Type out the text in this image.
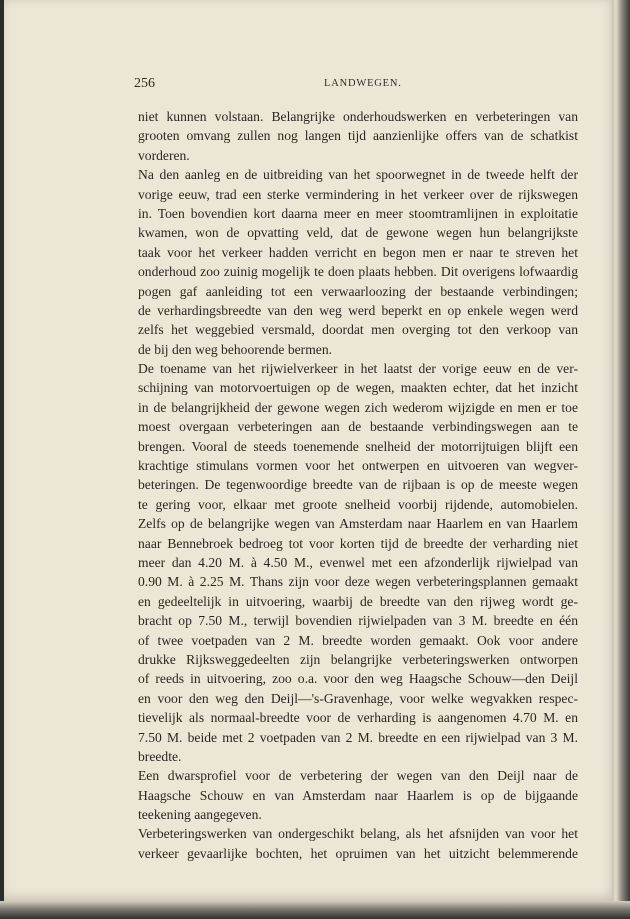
256	LANDWEGEN.
niet kunnen volstaan. Belangrijke onderhoudswerken en verbeteringen van
grooten omvang zullen nog langen tijd aanzienlijke offers van de schatkist
vorderen.
Na den aanleg en de uitbreiding van het spoorwegnet in de tweede helft der
vorige eeuw, trad een sterke vermindering in het verkeer over de rijkswegen
in. Toen bovendien kort daarna meer en meer stoomtramlijnen in exploitatie
kwamen, won de opvatting veld, dat de gewone wegen hun belangrijkste
taak voor het verkeer hadden verricht en begon men er naar te streven het
onderhoud zoo zuinig mogelijk te doen plaats hebben. Dit overigens lofwaardig
pogen gaf aanleiding tot een verwaarloozing der bestaande verbindingen;
de verhardingsbreedte van den weg werd beperkt en op enkele wegen werd
zelfs het weggebied versmald, doordat men overging tot den verkoop van
de bij den weg behoorende bermen.
De toename van het rijwielverkeer in het laatst der vorige eeuw en de ver-
schijning van motorvoertuigen op de wegen, maakten echter, dat het inzicht
in de belangrijkheid der gewone wegen zich wederom wijzigde en men er toe
moest overgaan verbeteringen aan de bestaande verbindingswegen aan te
brengen. Vooral de steeds toenemende snelheid der motorrijtuigen blijft een
krachtige stimulans vormen voor het ontwerpen en uitvoeren van wegver-
beteringen. De tegenwoordige breedte van de rijbaan is op de meeste wegen
te gering voor, elkaar met groote snelheid voorbij rijdende, automobielen.
Zelfs op de belangrijke wegen van Amsterdam naar Haarlem en van Haarlem
naar Bennebroek bedroeg tot voor korten tijd de breedte der verharding niet
meer dan 4.20 M. à 4.50 M., evenwel met een afzonderlijk rijwielpad van
0.90 M. à 2.25 M. Thans zijn voor deze wegen verbeteringsplannen gemaakt
en gedeeltelijk in uitvoering, waarbij de breedte van den rijweg wordt ge-
bracht op 7.50 M., terwijl bovendien rijwielpaden van 3 M. breedte en één
of twee voetpaden van 2 M. breedte worden gemaakt. Ook voor andere
drukke Rijksweggedeelten zijn belangrijke verbeteringswerken ontworpen
of reeds in uitvoering, zoo o.a. voor den weg Haagsche Schouw—den Deijl
en voor den weg den Deijl—'s-Gravenhage, voor welke wegvakken respec-
tievelijk als normaal-breedte voor de verharding is aangenomen 4.70 M. en
7.50 M. beide met 2 voetpaden van 2 M. breedte en een rijwielpad van 3 M.
breedte.
Een dwarsprofiel voor de verbetering der wegen van den Deijl naar de
Haagsche Schouw en van Amsterdam naar Haarlem is op de bijgaande
teekening aangegeven.
Verbeteringswerken van ondergeschikt belang, als het afsnijden van voor het
verkeer gevaarlijke bochten, het opruimen van het uitzicht belemmerende
